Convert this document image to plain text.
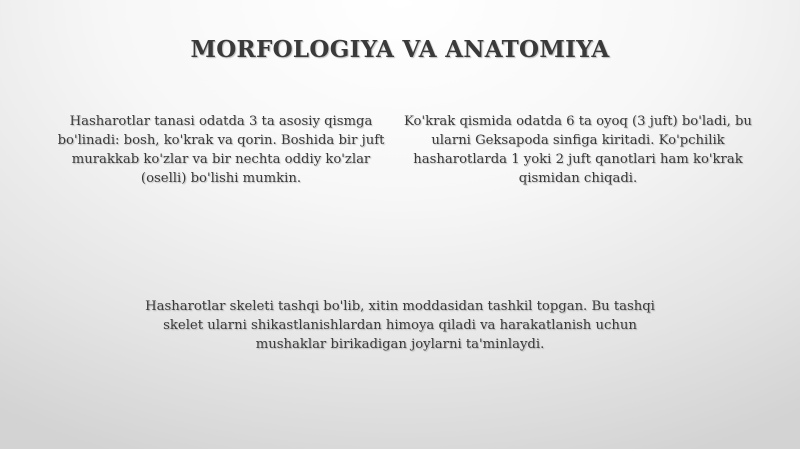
MORFOLOGIYA VA ANATOMIYA

Hasharotlar tanasi odatda 3 ta asosiy qismga bo'linadi: bosh, ko'krak va qorin. Boshida bir juft murakkab ko'zlar va bir nechta oddiy ko'zlar (oselli) bo'lishi mumkin.

Ko'krak qismida odatda 6 ta oyoq (3 juft) bo'ladi, bu ularni Geksapoda sinfiga kiritadi. Ko'pchilik hasharotlarda 1 yoki 2 juft qanotlari ham ko'krak qismidan chiqadi.

Hasharotlar skeleti tashqi bo'lib, xitin moddasidan tashkil topgan. Bu tashqi skelet ularni shikastlanishlardan himoya qiladi va harakatlanish uchun mushaklar birikadigan joylarni ta'minlaydi.
